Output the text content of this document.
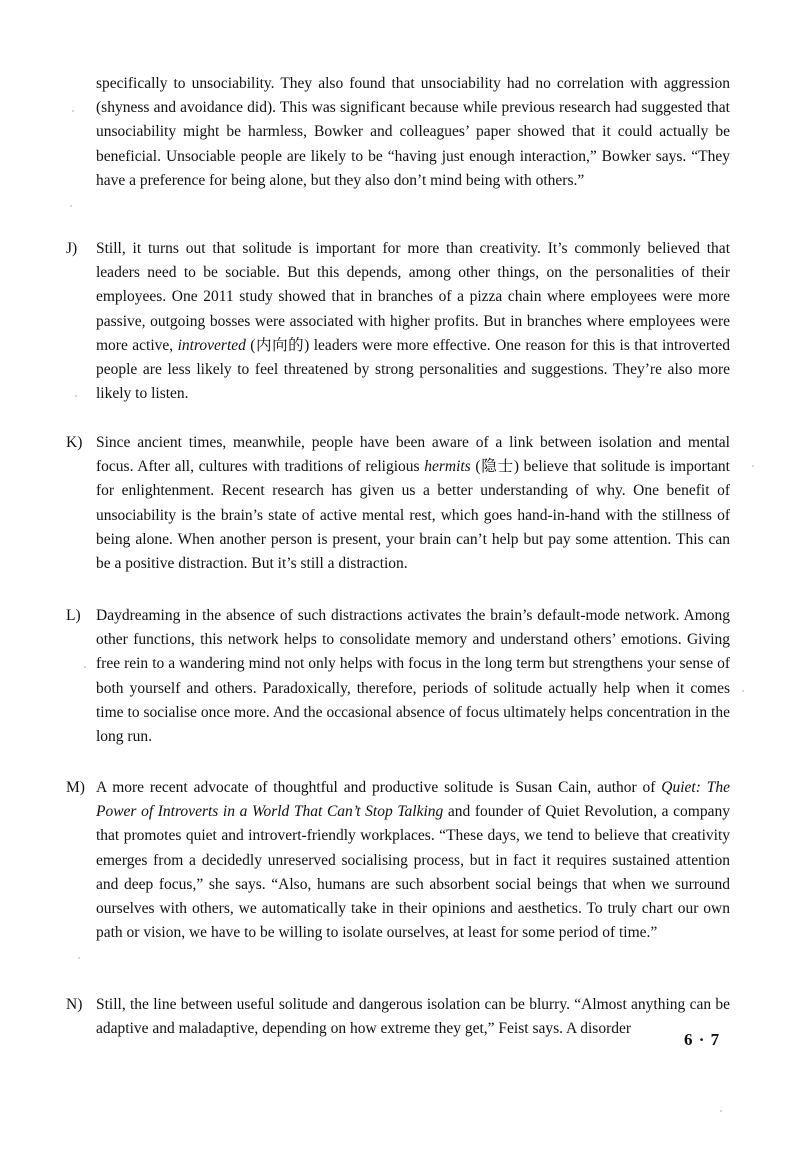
specifically to unsociability. They also found that unsociability had no correlation with aggression (shyness and avoidance did). This was significant because while previous research had suggested that unsociability might be harmless, Bowker and colleagues’ paper showed that it could actually be beneficial. Unsociable people are likely to be “having just enough interaction,” Bowker says. “They have a preference for being alone, but they also don’t mind being with others.”
J)	Still, it turns out that solitude is important for more than creativity. It’s commonly believed that leaders need to be sociable. But this depends, among other things, on the personalities of their employees. One 2011 study showed that in branches of a pizza chain where employees were more passive, outgoing bosses were associated with higher profits. But in branches where employees were more active, introverted (内向的) leaders were more effective. One reason for this is that introverted people are less likely to feel threatened by strong personalities and suggestions. They’re also more likely to listen.
K) Since ancient times, meanwhile, people have been aware of a link between isolation and mental focus. After all, cultures with traditions of religious hermits (隐士) believe that solitude is important for enlightenment. Recent research has given us a better understanding of why. One benefit of unsociability is the brain’s state of active mental rest, which goes hand-in-hand with the stillness of being alone. When another person is present, your brain can’t help but pay some attention. This can be a positive distraction. But it’s still a distraction.
L) Daydreaming in the absence of such distractions activates the brain’s default-mode network. Among other functions, this network helps to consolidate memory and understand others’ emotions. Giving free rein to a wandering mind not only helps with focus in the long term but strengthens your sense of both yourself and others. Paradoxically, therefore, periods of solitude actually help when it comes time to socialise once more. And the occasional absence of focus ultimately helps concentration in the long run.
M) A more recent advocate of thoughtful and productive solitude is Susan Cain, author of Quiet: The Power of Introverts in a World That Can’t Stop Talking and founder of Quiet Revolution, a company that promotes quiet and introvert-friendly workplaces. “These days, we tend to believe that creativity emerges from a decidedly unreserved socialising process, but in fact it requires sustained attention and deep focus,” she says. “Also, humans are such absorbent social beings that when we surround ourselves with others, we automatically take in their opinions and aesthetics. To truly chart our own path or vision, we have to be willing to isolate ourselves, at least for some period of time.”
N) Still, the line between useful solitude and dangerous isolation can be blurry. “Almost anything can be adaptive and maladaptive, depending on how extreme they get,” Feist says. A disorder
6 · 7
